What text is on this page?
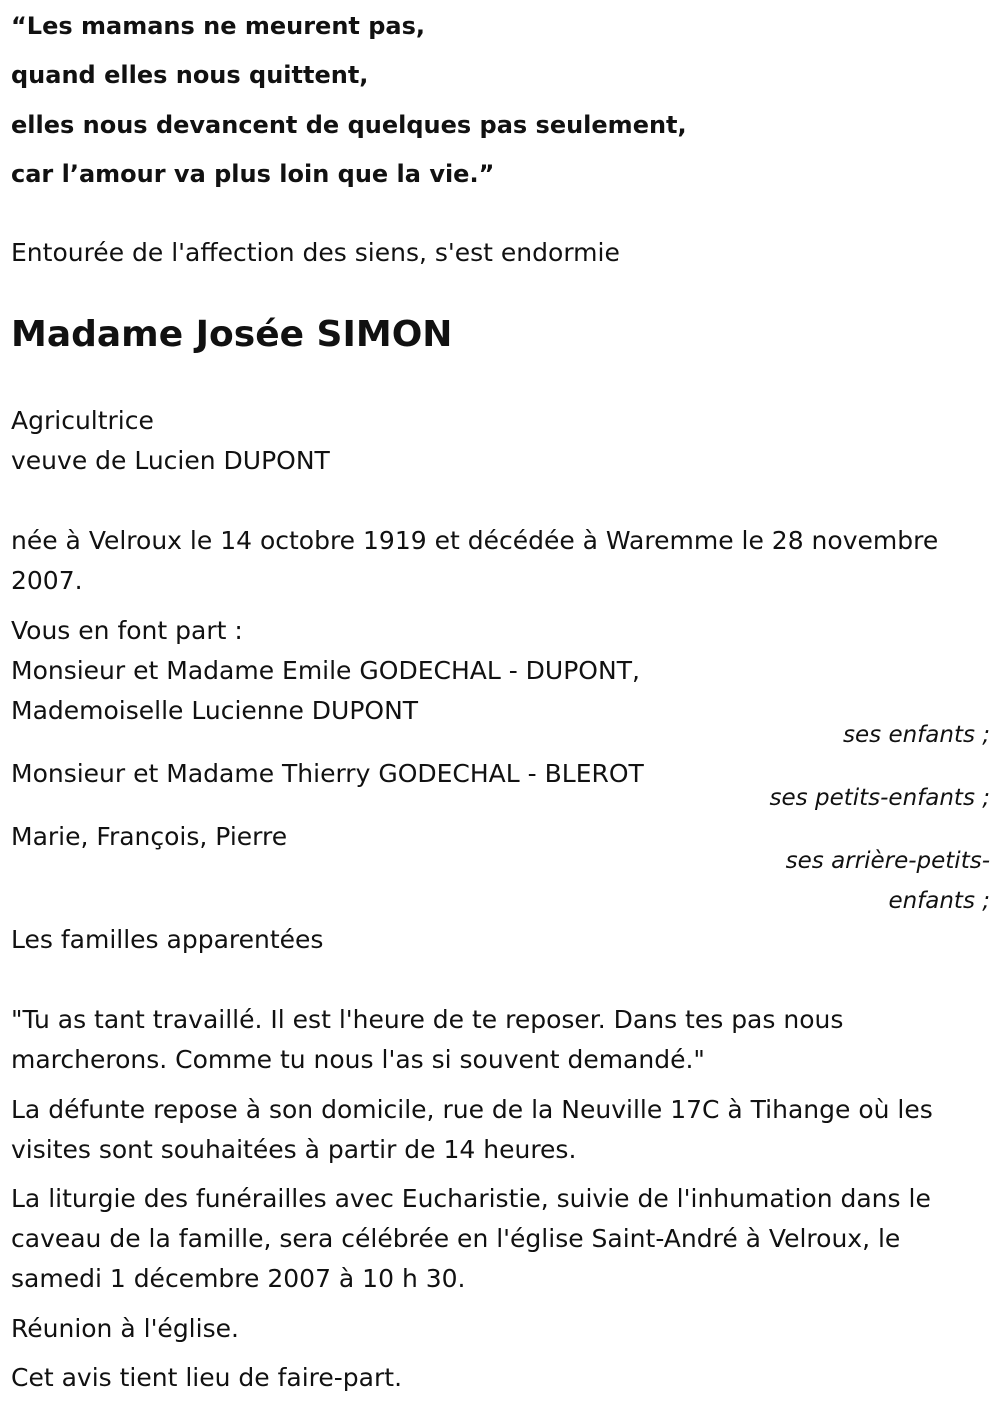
“Les mamans ne meurent pas,
quand elles nous quittent,
elles nous devancent de quelques pas seulement,
car l’amour va plus loin que la vie.”
Entourée de l'affection des siens, s'est endormie
Madame Josée SIMON
Agricultrice
veuve de Lucien DUPONT
née à Velroux le 14 octobre 1919 et décédée à Waremme le 28 novembre
2007.
Vous en font part :
Monsieur et Madame Emile GODECHAL - DUPONT,
Mademoiselle Lucienne DUPONT
ses enfants ;
Monsieur et Madame Thierry GODECHAL - BLEROT
ses petits-enfants ;
Marie, François, Pierre
ses arrière-petits-
enfants ;
Les familles apparentées
"Tu as tant travaillé. Il est l'heure de te reposer. Dans tes pas nous
marcherons. Comme tu nous l'as si souvent demandé."
La défunte repose à son domicile, rue de la Neuville 17C à Tihange où les
visites sont souhaitées à partir de 14 heures.
La liturgie des funérailles avec Eucharistie, suivie de l'inhumation dans le
caveau de la famille, sera célébrée en l'église Saint-André à Velroux, le
samedi 1 décembre 2007 à 10 h 30.
Réunion à l'église.
Cet avis tient lieu de faire-part.
